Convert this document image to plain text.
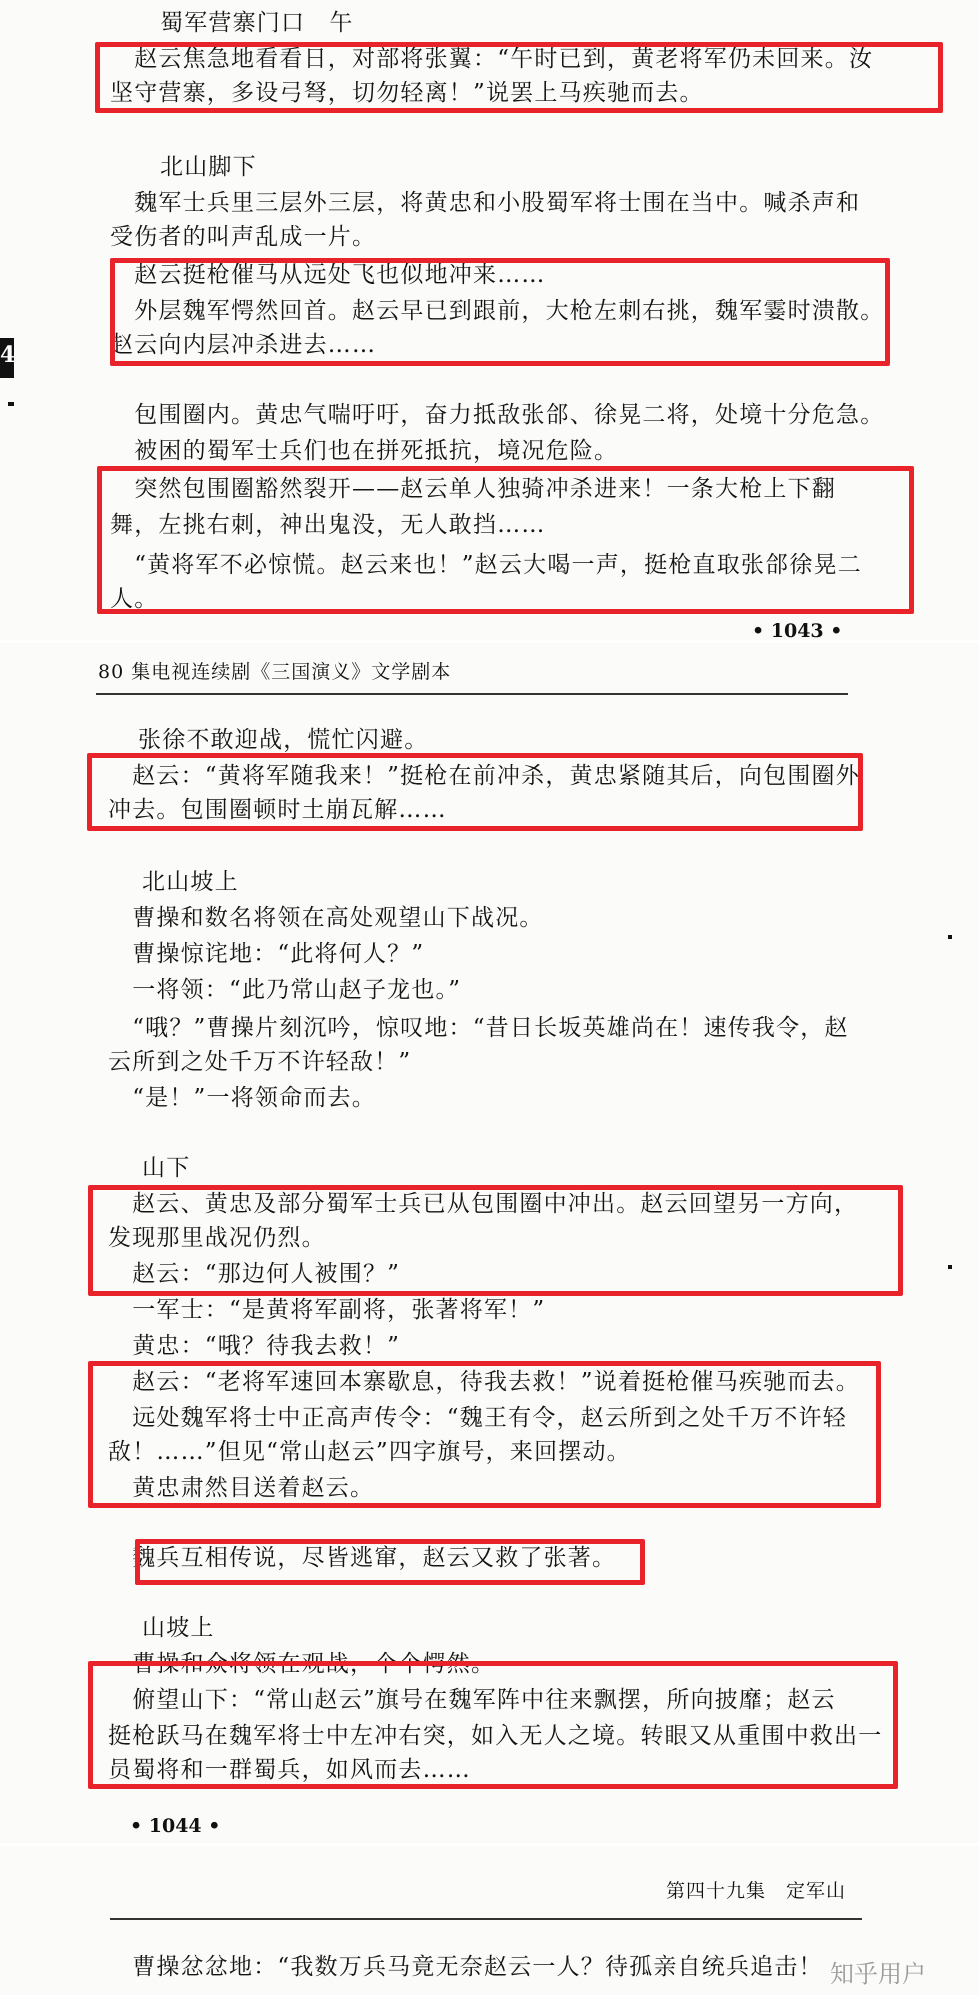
蜀军营寨门口　午
　赵云焦急地看看日，对部将张翼：“午时已到，黄老将军仍未回来。汝
坚守营寨，多设弓弩，切勿轻离！”说罢上马疾驰而去。
北山脚下
　魏军士兵里三层外三层，将黄忠和小股蜀军将士围在当中。喊杀声和
受伤者的叫声乱成一片。
　赵云挺枪催马从远处飞也似地冲来……
　外层魏军愕然回首。赵云早已到跟前，大枪左刺右挑，魏军霎时溃散。
赵云向内层冲杀进去……
　包围圈内。黄忠气喘吁吁，奋力抵敌张郃、徐晃二将，处境十分危急。
　被困的蜀军士兵们也在拼死抵抗，境况危险。
　突然包围圈豁然裂开——赵云单人独骑冲杀进来！一条大枪上下翻
舞，左挑右刺，神出鬼没，无人敢挡……
　“黄将军不必惊慌。赵云来也！”赵云大喝一声，挺枪直取张郃徐晃二
人。
• 1043 •
4
80 集电视连续剧《三国演义》文学剧本
张徐不敢迎战，慌忙闪避。
　赵云：“黄将军随我来！”挺枪在前冲杀，黄忠紧随其后，向包围圈外
冲去。包围圈顿时土崩瓦解……
北山坡上
　曹操和数名将领在高处观望山下战况。
　曹操惊诧地：“此将何人？”
　一将领：“此乃常山赵子龙也。”
　“哦？”曹操片刻沉吟，惊叹地：“昔日长坂英雄尚在！速传我令，赵
云所到之处千万不许轻敌！”
　“是！”一将领命而去。
山下
　赵云、黄忠及部分蜀军士兵已从包围圈中冲出。赵云回望另一方向，
发现那里战况仍烈。
　赵云：“那边何人被围？”
　一军士：“是黄将军副将，张著将军！”
　黄忠：“哦？待我去救！”
　赵云：“老将军速回本寨歇息，待我去救！”说着挺枪催马疾驰而去。
　远处魏军将士中正高声传令：“魏王有令，赵云所到之处千万不许轻
敌！……”但见“常山赵云”四字旗号，来回摆动。
　黄忠肃然目送着赵云。
　魏兵互相传说，尽皆逃窜，赵云又救了张著。
山坡上
　曹操和众将领在观战，个个愕然。
　俯望山下：“常山赵云”旗号在魏军阵中往来飘摆，所向披靡；赵云
挺枪跃马在魏军将士中左冲右突，如入无人之境。转眼又从重围中救出一
员蜀将和一群蜀兵，如风而去……
• 1044 •
第四十九集　定军山
　曹操忿忿地：“我数万兵马竟无奈赵云一人？待孤亲自统兵追击！ 知乎用户
